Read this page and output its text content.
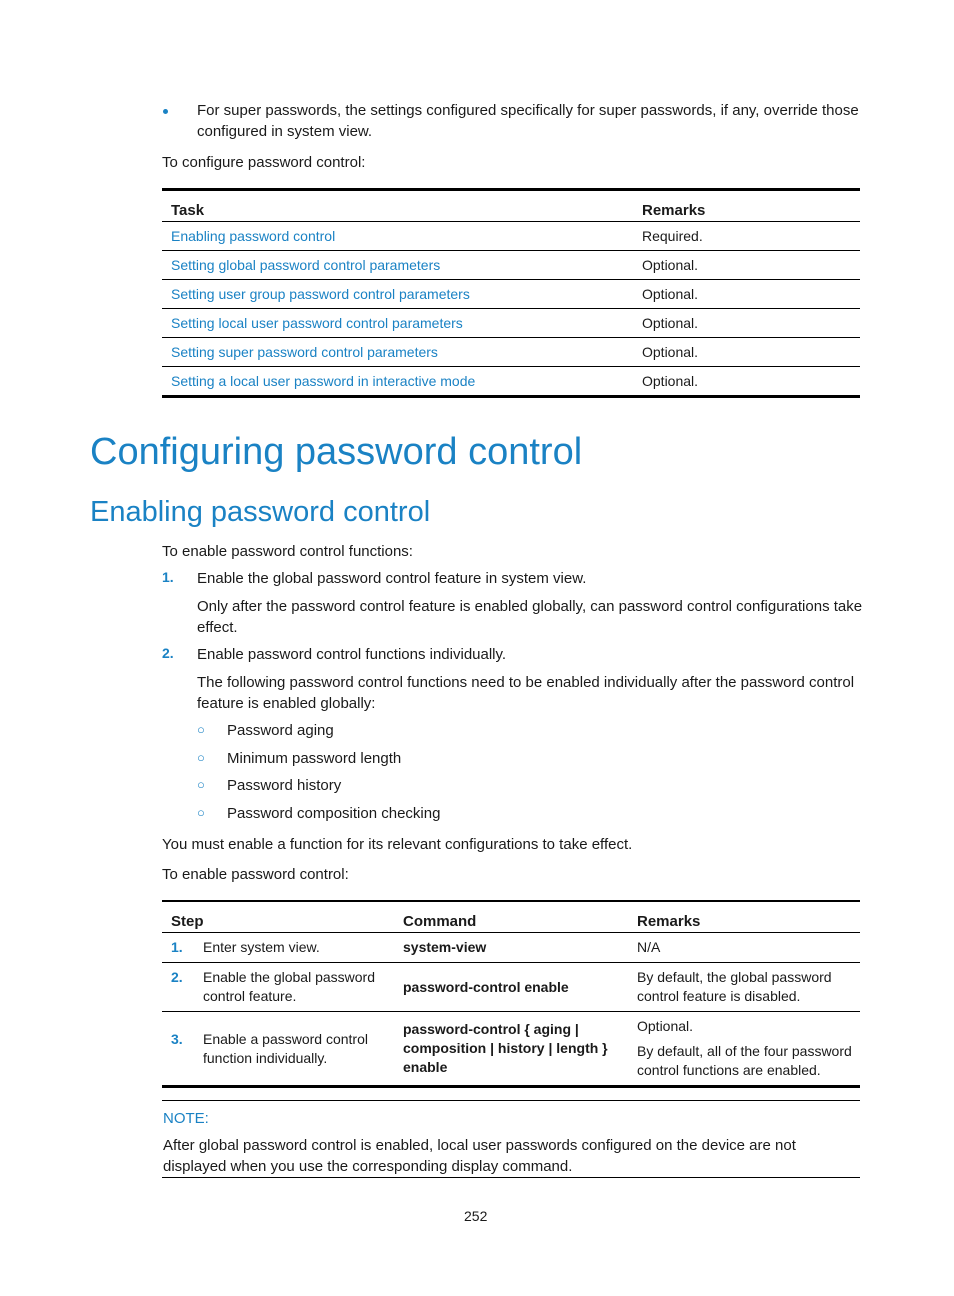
For super passwords, the settings configured specifically for super passwords, if any, override those configured in system view.
To configure password control:
Task	Remarks
Enabling password control	Required.
Setting global password control parameters	Optional.
Setting user group password control parameters	Optional.
Setting local user password control parameters	Optional.
Setting super password control parameters	Optional.
Setting a local user password in interactive mode	Optional.
Configuring password control
Enabling password control
To enable password control functions:
1. Enable the global password control feature in system view.
Only after the password control feature is enabled globally, can password control configurations take effect.
2. Enable password control functions individually.
The following password control functions need to be enabled individually after the password control feature is enabled globally:
○ Password aging
○ Minimum password length
○ Password history
○ Password composition checking
You must enable a function for its relevant configurations to take effect.
To enable password control:
Step	Command	Remarks

1. Enter system view.	system-view	N/A

2. Enable the global password control feature.	password-control enable	By default, the global password control feature is disabled.

3. Enable a password control function individually.	password-control { aging | composition | history | length } enable	Optional.
By default, all of the four password control functions are enabled.
NOTE:
After global password control is enabled, local user passwords configured on the device are not displayed when you use the corresponding display command.
252
